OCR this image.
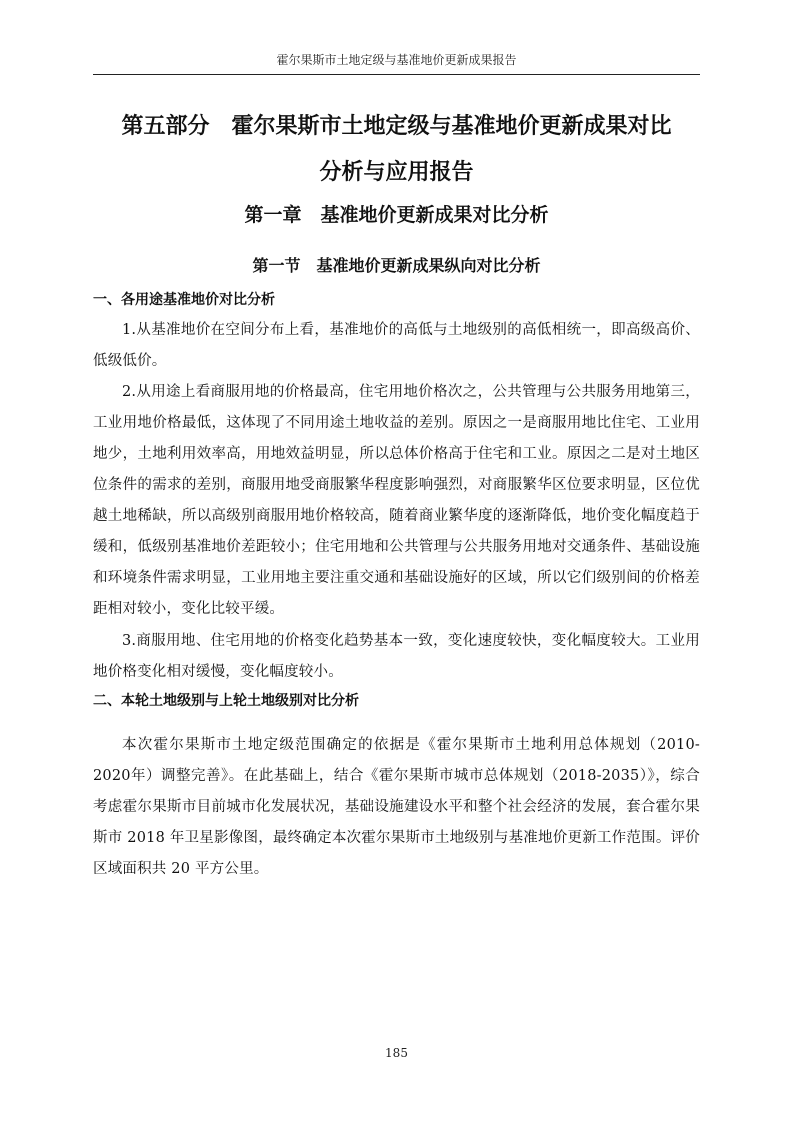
霍尔果斯市土地定级与基准地价更新成果报告
第五部分　霍尔果斯市土地定级与基准地价更新成果对比
分析与应用报告
第一章　基准地价更新成果对比分析
第一节　基准地价更新成果纵向对比分析
一、各用途基准地价对比分析

1.从基准地价在空间分布上看，基准地价的高低与土地级别的高低相统一，即高级高价、低级低价。

2.从用途上看商服用地的价格最高，住宅用地价格次之，公共管理与公共服务用地第三，工业用地价格最低，这体现了不同用途土地收益的差别。原因之一是商服用地比住宅、工业用地少，土地利用效率高，用地效益明显，所以总体价格高于住宅和工业。原因之二是对土地区位条件的需求的差别，商服用地受商服繁华程度影响强烈，对商服繁华区位要求明显，区位优越土地稀缺，所以高级别商服用地价格较高，随着商业繁华度的逐渐降低，地价变化幅度趋于缓和，低级别基准地价差距较小；住宅用地和公共管理与公共服务用地对交通条件、基础设施和环境条件需求明显，工业用地主要注重交通和基础设施好的区域，所以它们级别间的价格差距相对较小，变化比较平缓。

3.商服用地、住宅用地的价格变化趋势基本一致，变化速度较快，变化幅度较大。工业用地价格变化相对缓慢，变化幅度较小。

二、本轮土地级别与上轮土地级别对比分析

本次霍尔果斯市土地定级范围确定的依据是《霍尔果斯市土地利用总体规划（2010-2020年）调整完善》。在此基础上，结合《霍尔果斯市城市总体规划（2018-2035）》，综合考虑霍尔果斯市目前城市化发展状况，基础设施建设水平和整个社会经济的发展，套合霍尔果斯市 2018 年卫星影像图，最终确定本次霍尔果斯市土地级别与基准地价更新工作范围。评价区域面积共 20 平方公里。

185
